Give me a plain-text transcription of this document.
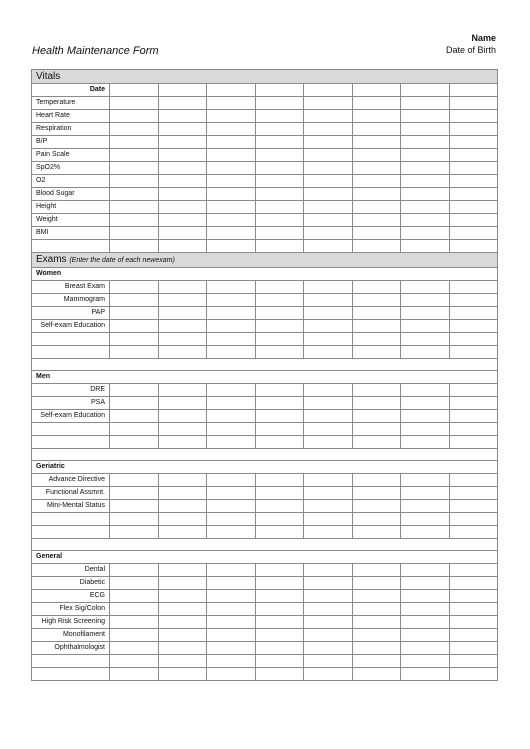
Name
Health Maintenance Form	Date of Birth
Vitals								
Date								
Temperature								
Heart Rate								
Respiration								
B/P								
Pain Scale								
SpO2%								
O2								
Blood Sugar								
Height								
Weight								
BMI								

Exams (Enter the date of each newexam)								
Women								
Breast Exam								
Mammogram								
PAP								
Self-exam Education								

Men								
DRE								
PSA								
Self-exam Education								

Geriatric								
Advance Directive								
Functional Assmnt.								
Mini-Mental Status								

General								
Dental								
Diabetic								
ECG								
Flex Sig/Colon								
High Risk Screening								
Monofilament								
Ophthalmologist								
